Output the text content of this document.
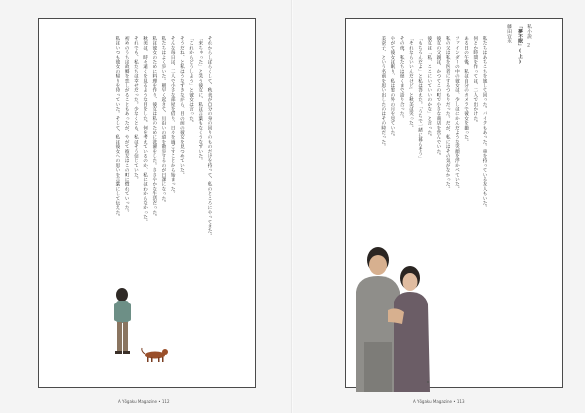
それからしばらくして、秋美が自分の身の回りのものだけを持って、私のところにやってきた。

「来ちゃった」と笑う彼女に、私は言葉もなくうなずいた。

「これからどうしよう」と彼女は言った。

そうだね、と私はうなずきながら、目の前の彼女を見つめていた。

そんな毎日は、二人で小さな部屋を借り、日々を過ごすことから始まった。

私たちはよく歩いた。朝早く起きて、川沿いの道を散歩するのが日課になった。

私は彼女のために料理を作り、彼女は私のために洗濯をした。ささやかな生活だった。

秋美は、時々遠くを見るような目をした。何を考えているのか、私にはわからなかった。

それでも、私たちは幸せだった。少なくとも、私はそう信じていた。

初めのうちは故郷を恋しがることもあったが、やがて彼女はこの町に慣れていった。

私はいつも彼女の帰りを待っていた。そして、私は彼女への思いを言葉にして伝えた。

A Yōgaku Magazine • 112
私小説 2
「夢不眠」(上)
藤田宜永

私たちはあちこちを旅して回った。バイクもあった。車を持っている友人もいた。

何とか時間を作っては、二人で出かけた。

ある日の午後、私は自分のカメラで彼女を撮った。

ファインダーの中の彼女は、少しはにかんだような笑顔を浮かべていた。

私の父は私を医者にするつもりだった。だが、私にはその気がなかった。

彼女の父親は、かつてこの町で小さな商店を営んでいた。

彼女は「私、ここにいていいのかな」と言った。

「もちろんだよ」と私は答えた。「うちで一緒に暮らそう」

「それならいいんだけど」と秋美は笑った。

その夜、私たちは遅くまで語り合った。

やがて彼女は眠り、私は窓の外の月を見ていた。

美奈子、という名前を思い出したのはその時だった。

A Yōgaku Magazine • 113
